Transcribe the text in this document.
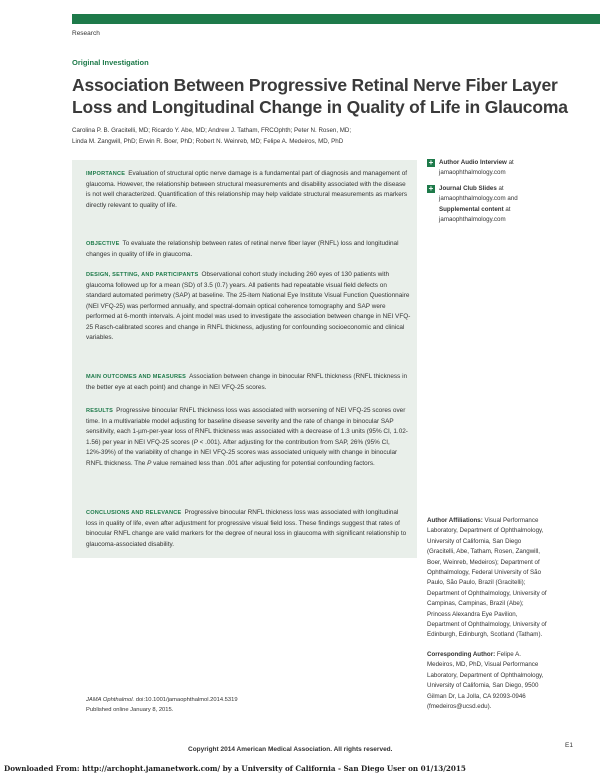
Research
Original Investigation
Association Between Progressive Retinal Nerve Fiber Layer
Loss and Longitudinal Change in Quality of Life in Glaucoma
Carolina P. B. Gracitelli, MD; Ricardo Y. Abe, MD; Andrew J. Tatham, FRCOphth; Peter N. Rosen, MD;
Linda M. Zangwill, PhD; Erwin R. Boer, PhD; Robert N. Weinreb, MD; Felipe A. Medeiros, MD, PhD
IMPORTANCE Evaluation of structural optic nerve damage is a fundamental part of diagnosis and management of glaucoma. However, the relationship between structural measurements and disability associated with the disease is not well characterized. Quantification of this relationship may help validate structural measurements as markers directly relevant to quality of life.
OBJECTIVE To evaluate the relationship between rates of retinal nerve fiber layer (RNFL) loss and longitudinal changes in quality of life in glaucoma.
DESIGN, SETTING, AND PARTICIPANTS Observational cohort study including 260 eyes of 130 patients with glaucoma followed up for a mean (SD) of 3.5 (0.7) years. All patients had repeatable visual field defects on standard automated perimetry (SAP) at baseline. The 25-item National Eye Institute Visual Function Questionnaire (NEI VFQ-25) was performed annually, and spectral-domain optical coherence tomography and SAP were performed at 6-month intervals. A joint model was used to investigate the association between change in NEI VFQ-25 Rasch-calibrated scores and change in RNFL thickness, adjusting for confounding socioeconomic and clinical variables.
MAIN OUTCOMES AND MEASURES Association between change in binocular RNFL thickness (RNFL thickness in the better eye at each point) and change in NEI VFQ-25 scores.
RESULTS Progressive binocular RNFL thickness loss was associated with worsening of NEI VFQ-25 scores over time. In a multivariable model adjusting for baseline disease severity and the rate of change in binocular SAP sensitivity, each 1-µm-per-year loss of RNFL thickness was associated with a decrease of 1.3 units (95% CI, 1.02-1.56) per year in NEI VFQ-25 scores (P < .001). After adjusting for the contribution from SAP, 26% (95% CI, 12%-39%) of the variability of change in NEI VFQ-25 scores was associated uniquely with change in binocular RNFL thickness. The P value remained less than .001 after adjusting for potential confounding factors.
CONCLUSIONS AND RELEVANCE Progressive binocular RNFL thickness loss was associated with longitudinal loss in quality of life, even after adjustment for progressive visual field loss. These findings suggest that rates of binocular RNFL change are valid markers for the degree of neural loss in glaucoma with significant relationship to glaucoma-associated disability.
+ Author Audio Interview at jamaophthalmology.com
+ Journal Club Slides at jamaophthalmology.com and Supplemental content at jamaophthalmology.com
Author Affiliations: Visual Performance Laboratory, Department of Ophthalmology, University of California, San Diego (Gracitelli, Abe, Tatham, Rosen, Zangwill, Boer, Weinreb, Medeiros); Department of Ophthalmology, Federal University of São Paulo, São Paulo, Brazil (Gracitelli); Department of Ophthalmology, University of Campinas, Campinas, Brazil (Abe); Princess Alexandra Eye Pavilion, Department of Ophthalmology, University of Edinburgh, Edinburgh, Scotland (Tatham).
Corresponding Author: Felipe A. Medeiros, MD, PhD, Visual Performance Laboratory, Department of Ophthalmology, University of California, San Diego, 9500 Gilman Dr, La Jolla, CA 92093-0946 (fmedeiros@ucsd.edu).
JAMA Ophthalmol. doi:10.1001/jamaophthalmol.2014.5319
Published online January 8, 2015.
E1
Copyright 2014 American Medical Association. All rights reserved.
Downloaded From: http://archopht.jamanetwork.com/ by a University of California - San Diego User on 01/13/2015
